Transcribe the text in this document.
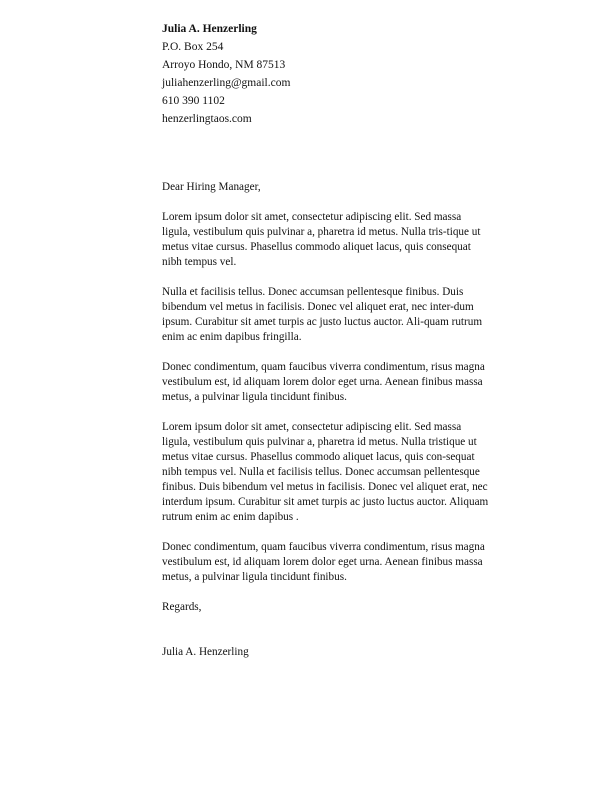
Julia A. Henzerling
P.O. Box 254
Arroyo Hondo, NM 87513
juliahenzerling@gmail.com
610 390 1102
henzerlingtaos.com

Dear Hiring Manager,

Lorem ipsum dolor sit amet, consectetur adipiscing elit. Sed massa ligula, vestibulum quis pulvinar a, pharetra id metus. Nulla tris-tique ut metus vitae cursus. Phasellus commodo aliquet lacus, quis consequat nibh tempus vel.

Nulla et facilisis tellus. Donec accumsan pellentesque finibus. Duis bibendum vel metus in facilisis. Donec vel aliquet erat, nec inter-dum ipsum. Curabitur sit amet turpis ac justo luctus auctor. Ali-quam rutrum enim ac enim dapibus fringilla.

Donec condimentum, quam faucibus viverra condimentum, risus magna vestibulum est, id aliquam lorem dolor eget urna. Aenean finibus massa metus, a pulvinar ligula tincidunt finibus.

Lorem ipsum dolor sit amet, consectetur adipiscing elit. Sed massa ligula, vestibulum quis pulvinar a, pharetra id metus. Nulla tristique ut metus vitae cursus. Phasellus commodo aliquet lacus, quis con-sequat nibh tempus vel. Nulla et facilisis tellus. Donec accumsan pellentesque finibus. Duis bibendum vel metus in facilisis. Donec vel aliquet erat, nec interdum ipsum. Curabitur sit amet turpis ac justo luctus auctor. Aliquam rutrum enim ac enim dapibus .

Donec condimentum, quam faucibus viverra condimentum, risus magna vestibulum est, id aliquam lorem dolor eget urna. Aenean finibus massa metus, a pulvinar ligula tincidunt finibus.

Regards,

Julia A. Henzerling
